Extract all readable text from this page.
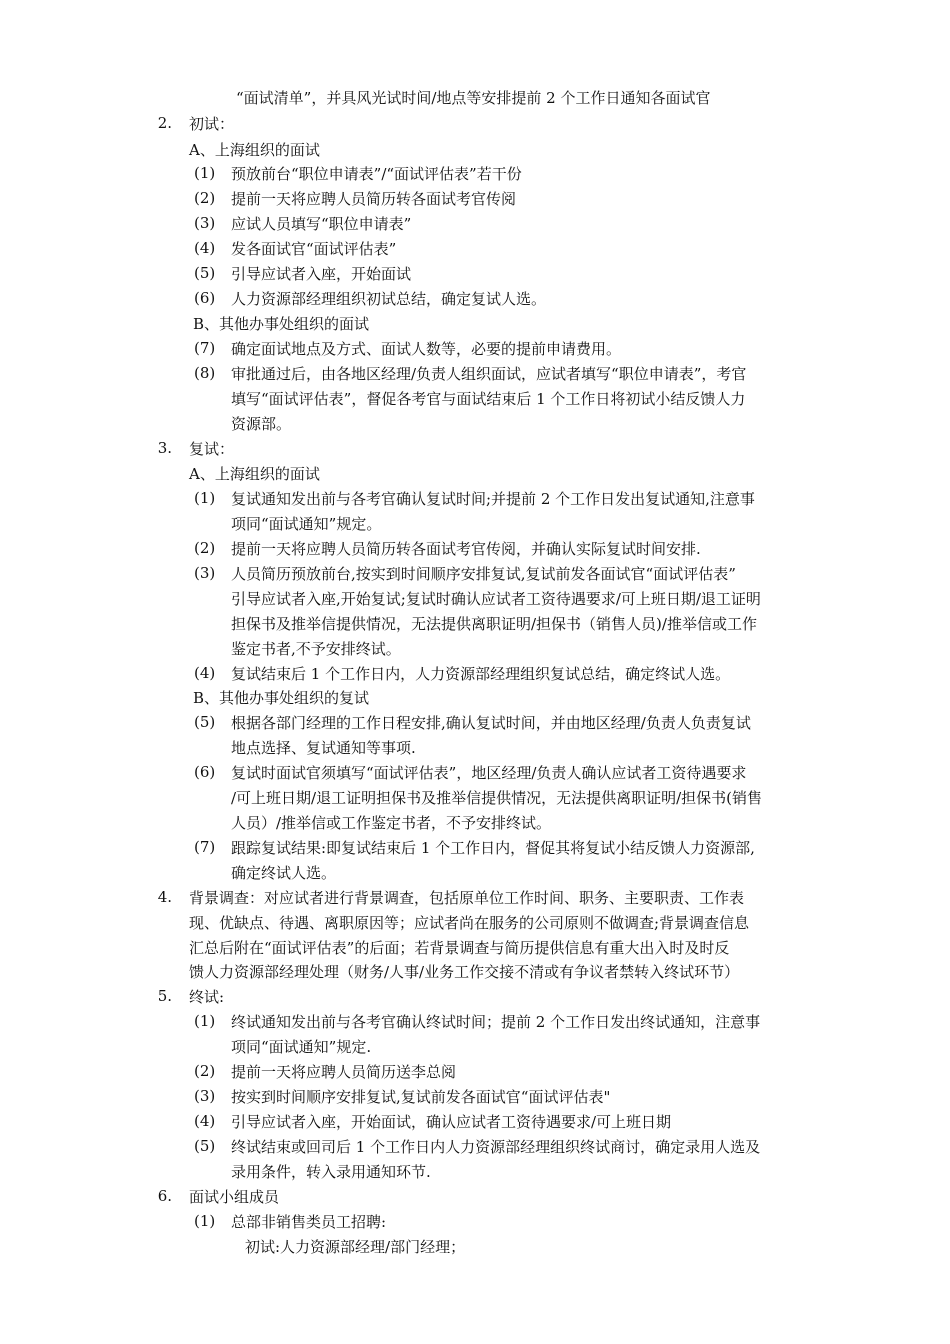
“面试清单”，并具风光试时间/地点等安排提前 2 个工作日通知各面试官
2. 初试：
A、上海组织的面试
(1)	预放前台“职位申请表”/“面试评估表”若干份
(2)	提前一天将应聘人员简历转各面试考官传阅
(3)	应试人员填写“职位申请表”
(4)	发各面试官“面试评估表”
(5)	引导应试者入座，开始面试
(6)	人力资源部经理组织初试总结，确定复试人选。
B、其他办事处组织的面试
(7)	确定面试地点及方式、面试人数等，必要的提前申请费用。
(8)	审批通过后，由各地区经理/负责人组织面试，应试者填写“职位申请表”，考官
填写“面试评估表”，督促各考官与面试结束后 1 个工作日将初试小结反馈人力
资源部。
3. 复试：
A、上海组织的面试
(1)	复试通知发出前与各考官确认复试时间;并提前 2 个工作日发出复试通知,注意事
项同“面试通知”规定。
(2)	提前一天将应聘人员简历转各面试考官传阅，并确认实际复试时间安排.
(3)	人员简历预放前台,按实到时间顺序安排复试,复试前发各面试官“面试评估表”
引导应试者入座,开始复试;复试时确认应试者工资待遇要求/可上班日期/退工证明
担保书及推举信提供情况，无法提供离职证明/担保书（销售人员)/推举信或工作
鉴定书者,不予安排终试。
(4)	复试结束后 1 个工作日内，人力资源部经理组织复试总结，确定终试人选。
B、其他办事处组织的复试
(5)	根据各部门经理的工作日程安排,确认复试时间，并由地区经理/负责人负责复试
地点选择、复试通知等事项.
(6)	复试时面试官须填写“面试评估表”，地区经理/负责人确认应试者工资待遇要求
/可上班日期/退工证明担保书及推举信提供情况，无法提供离职证明/担保书(销售
人员）/推举信或工作鉴定书者，不予安排终试。
(7)	跟踪复试结果:即复试结束后 1 个工作日内，督促其将复试小结反馈人力资源部,
确定终试人选。
4. 背景调查：对应试者进行背景调查，包括原单位工作时间、职务、主要职责、工作表
现、优缺点、待遇、离职原因等；应试者尚在服务的公司原则不做调查;背景调查信息
汇总后附在“面试评估表”的后面；若背景调查与简历提供信息有重大出入时及时反
馈人力资源部经理处理（财务/人事/业务工作交接不清或有争议者禁转入终试环节）
5. 终试:
(1)	终试通知发出前与各考官确认终试时间；提前 2 个工作日发出终试通知，注意事
项同“面试通知”规定.
(2)	提前一天将应聘人员简历送李总阅
(3)	按实到时间顺序安排复试,复试前发各面试官“面试评估表"
(4)	引导应试者入座，开始面试，确认应试者工资待遇要求/可上班日期
(5)	终试结束或回司后 1 个工作日内人力资源部经理组织终试商讨，确定录用人选及
录用条件，转入录用通知环节.
6. 面试小组成员
(1)	总部非销售类员工招聘:
初试:人力资源部经理/部门经理；
